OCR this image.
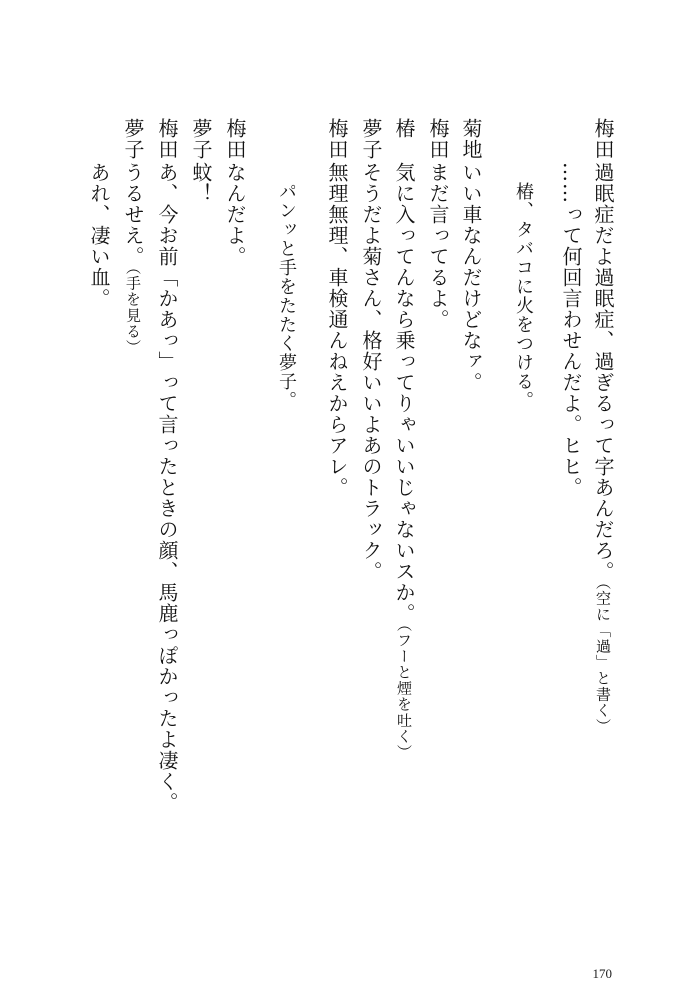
梅田過眠症だよ過眠症、過ぎるって字あんだろ。（空に「過」と書く）
……って何回言わせんだよ。ヒヒ。
椿、タバコに火をつける。
菊地いい車なんだけどなァ。
梅田まだ言ってるよ。
椿気に入ってんなら乗ってりゃいいじゃないスか。（フーと煙を吐く）
夢子そうだよ菊さん、格好いいよあのトラック。
梅田無理無理、車検通んねえからアレ。
パンッと手をたたく夢子。
梅田なんだよ。
夢子蚊！
梅田あ、今お前「かあっ」って言ったときの顔、馬鹿っぽかったよ凄く。
夢子うるせえ。（手を見る）
あれ、凄い血。
170
